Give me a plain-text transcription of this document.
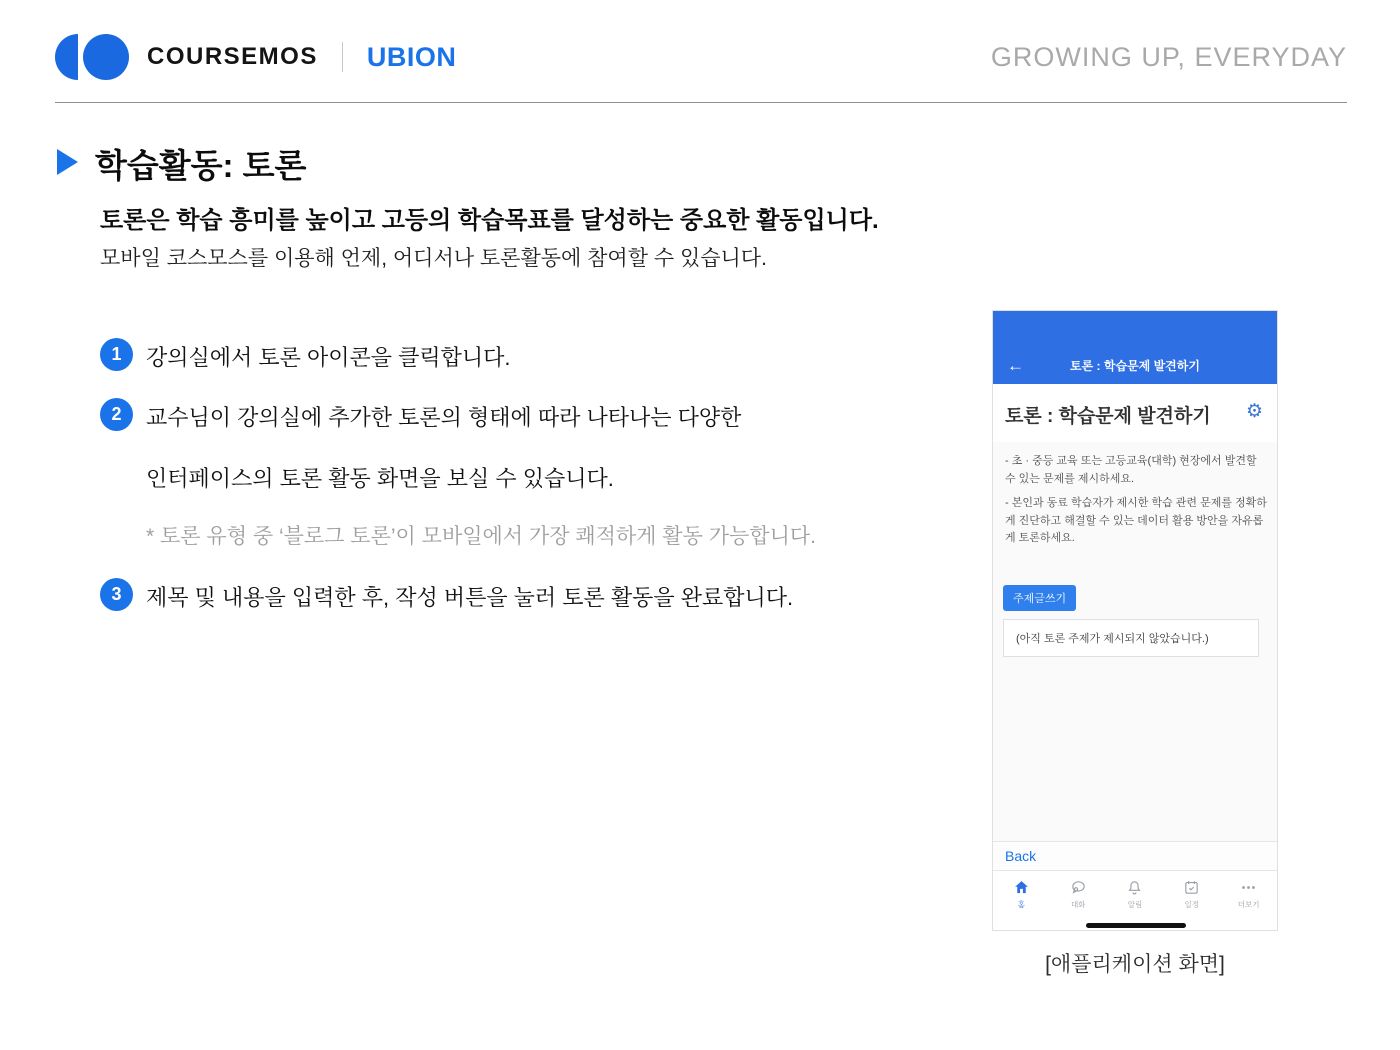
COURSEMOS UBION	GROWING UP, EVERYDAY
학습활동: 토론
토론은 학습 흥미를 높이고 고등의 학습목표를 달성하는 중요한 활동입니다.
모바일 코스모스를 이용해 언제, 어디서나 토론활동에 참여할 수 있습니다.
1	강의실에서 토론 아이콘을 클릭합니다.
2	교수님이 강의실에 추가한 토론의 형태에 따라 나타나는 다양한
인터페이스의 토론 활동 화면을 보실 수 있습니다.
* 토론 유형 중 ‘블로그 토론’이 모바일에서 가장 쾌적하게 활동 가능합니다.
3	제목 및 내용을 입력한 후, 작성 버튼을 눌러 토론 활동을 완료합니다.
←	토론 : 학습문제 발견하기
토론 : 학습문제 발견하기 ⚙

- 초 · 중등 교육 또는 고등교육(대학) 현장에서 발견할 수 있는 문제를 제시하세요.

- 본인과 동료 학습자가 제시한 학습 관련 문제를 정확하게 진단하고 해결할 수 있는 데이터 활용 방안을 자유롭게 토론하세요.

주제글쓰기
(아직 토론 주제가 제시되지 않았습니다.)
Back
홈	대화	알림	일정	더보기
[애플리케이션 화면]
